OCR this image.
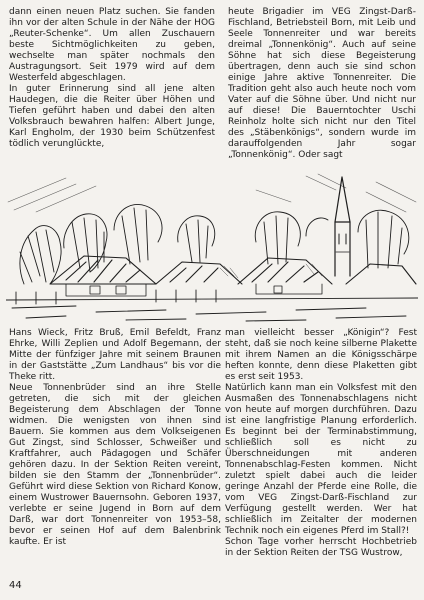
dann einen neuen Platz suchen. Sie fanden ihn vor der alten Schule in der Nähe der HOG „Reuter-Schenke“. Um allen Zuschauern beste Sichtmöglichkeiten zu geben, wechselte man später nochmals den Austragungsort. Seit 1979 wird auf dem Westerfeld abgeschlagen.

In guter Erinnerung sind all jene alten Haudegen, die die Reiter über Höhen und Tiefen geführt haben und dabei den alten Volksbrauch bewahren halfen: Albert Junge, Karl Engholm, der 1930 beim Schützenfest tödlich verunglückte,

heute Brigadier im VEG Zingst-Darß-Fischland, Betriebsteil Born, mit Leib und Seele Tonnenreiter und war bereits dreimal „Tonnenkönig“. Auch auf seine Söhne hat sich diese Begeisterung übertragen, denn auch sie sind schon einige Jahre aktive Tonnenreiter. Die Tradition geht also auch heute noch vom Vater auf die Söhne über. Und nicht nur auf diese! Die Bauerntochter Uschi Reinholz holte sich nicht nur den Titel des „Stäbenkönigs“, sondern wurde im darauffolgenden Jahr sogar „Tonnenkönig“. Oder sagt

Hans Wieck, Fritz Bruß, Emil Befeldt, Franz Ehrke, Willi Zeplien und Adolf Begemann, der Mitte der fünfziger Jahre mit seinem Braunen in der Gaststätte „Zum Landhaus“ bis vor die Theke ritt.

Neue Tonnenbrüder sind an ihre Stelle getreten, die sich mit der gleichen Begeisterung dem Abschlagen der Tonne widmen. Die wenigsten von ihnen sind Bauern. Sie kommen aus dem Volkseigenen Gut Zingst, sind Schlosser, Schweißer und Kraftfahrer, auch Pädagogen und Schäfer gehören dazu. In der Sektion Reiten vereint, bilden sie den Stamm der „Tonnenbrüder“. Geführt wird diese Sektion von Richard Konow, einem Wustrower Bauernsohn. Geboren 1937, verlebte er seine Jugend in Born auf dem Darß, war dort Tonnenreiter von 1953–58, bevor er seinen Hof auf dem Balenbrink kaufte. Er ist

man vielleicht besser „Königin“? Fest steht, daß sie noch keine silberne Plakette mit ihrem Namen an die Königsschärpe heften konnte, denn diese Plaketten gibt es erst seit 1953.

Natürlich kann man ein Volksfest mit den Ausmaßen des Tonnenabschlagens nicht von heute auf morgen durchführen. Dazu ist eine langfristige Planung erforderlich. Es beginnt bei der Terminabstimmung, schließlich soll es nicht zu Überschneidungen mit anderen Tonnenabschlag-Festen kommen. Nicht zuletzt spielt dabei auch die leider geringe Anzahl der Pferde eine Rolle, die vom VEG Zingst-Darß-Fischland zur Verfügung gestellt werden. Wer hat schließlich im Zeitalter der modernen Technik noch ein eigenes Pferd im Stall?!

Schon Tage vorher herrscht Hochbetrieb in der Sektion Reiten der TSG Wustrow,

44
